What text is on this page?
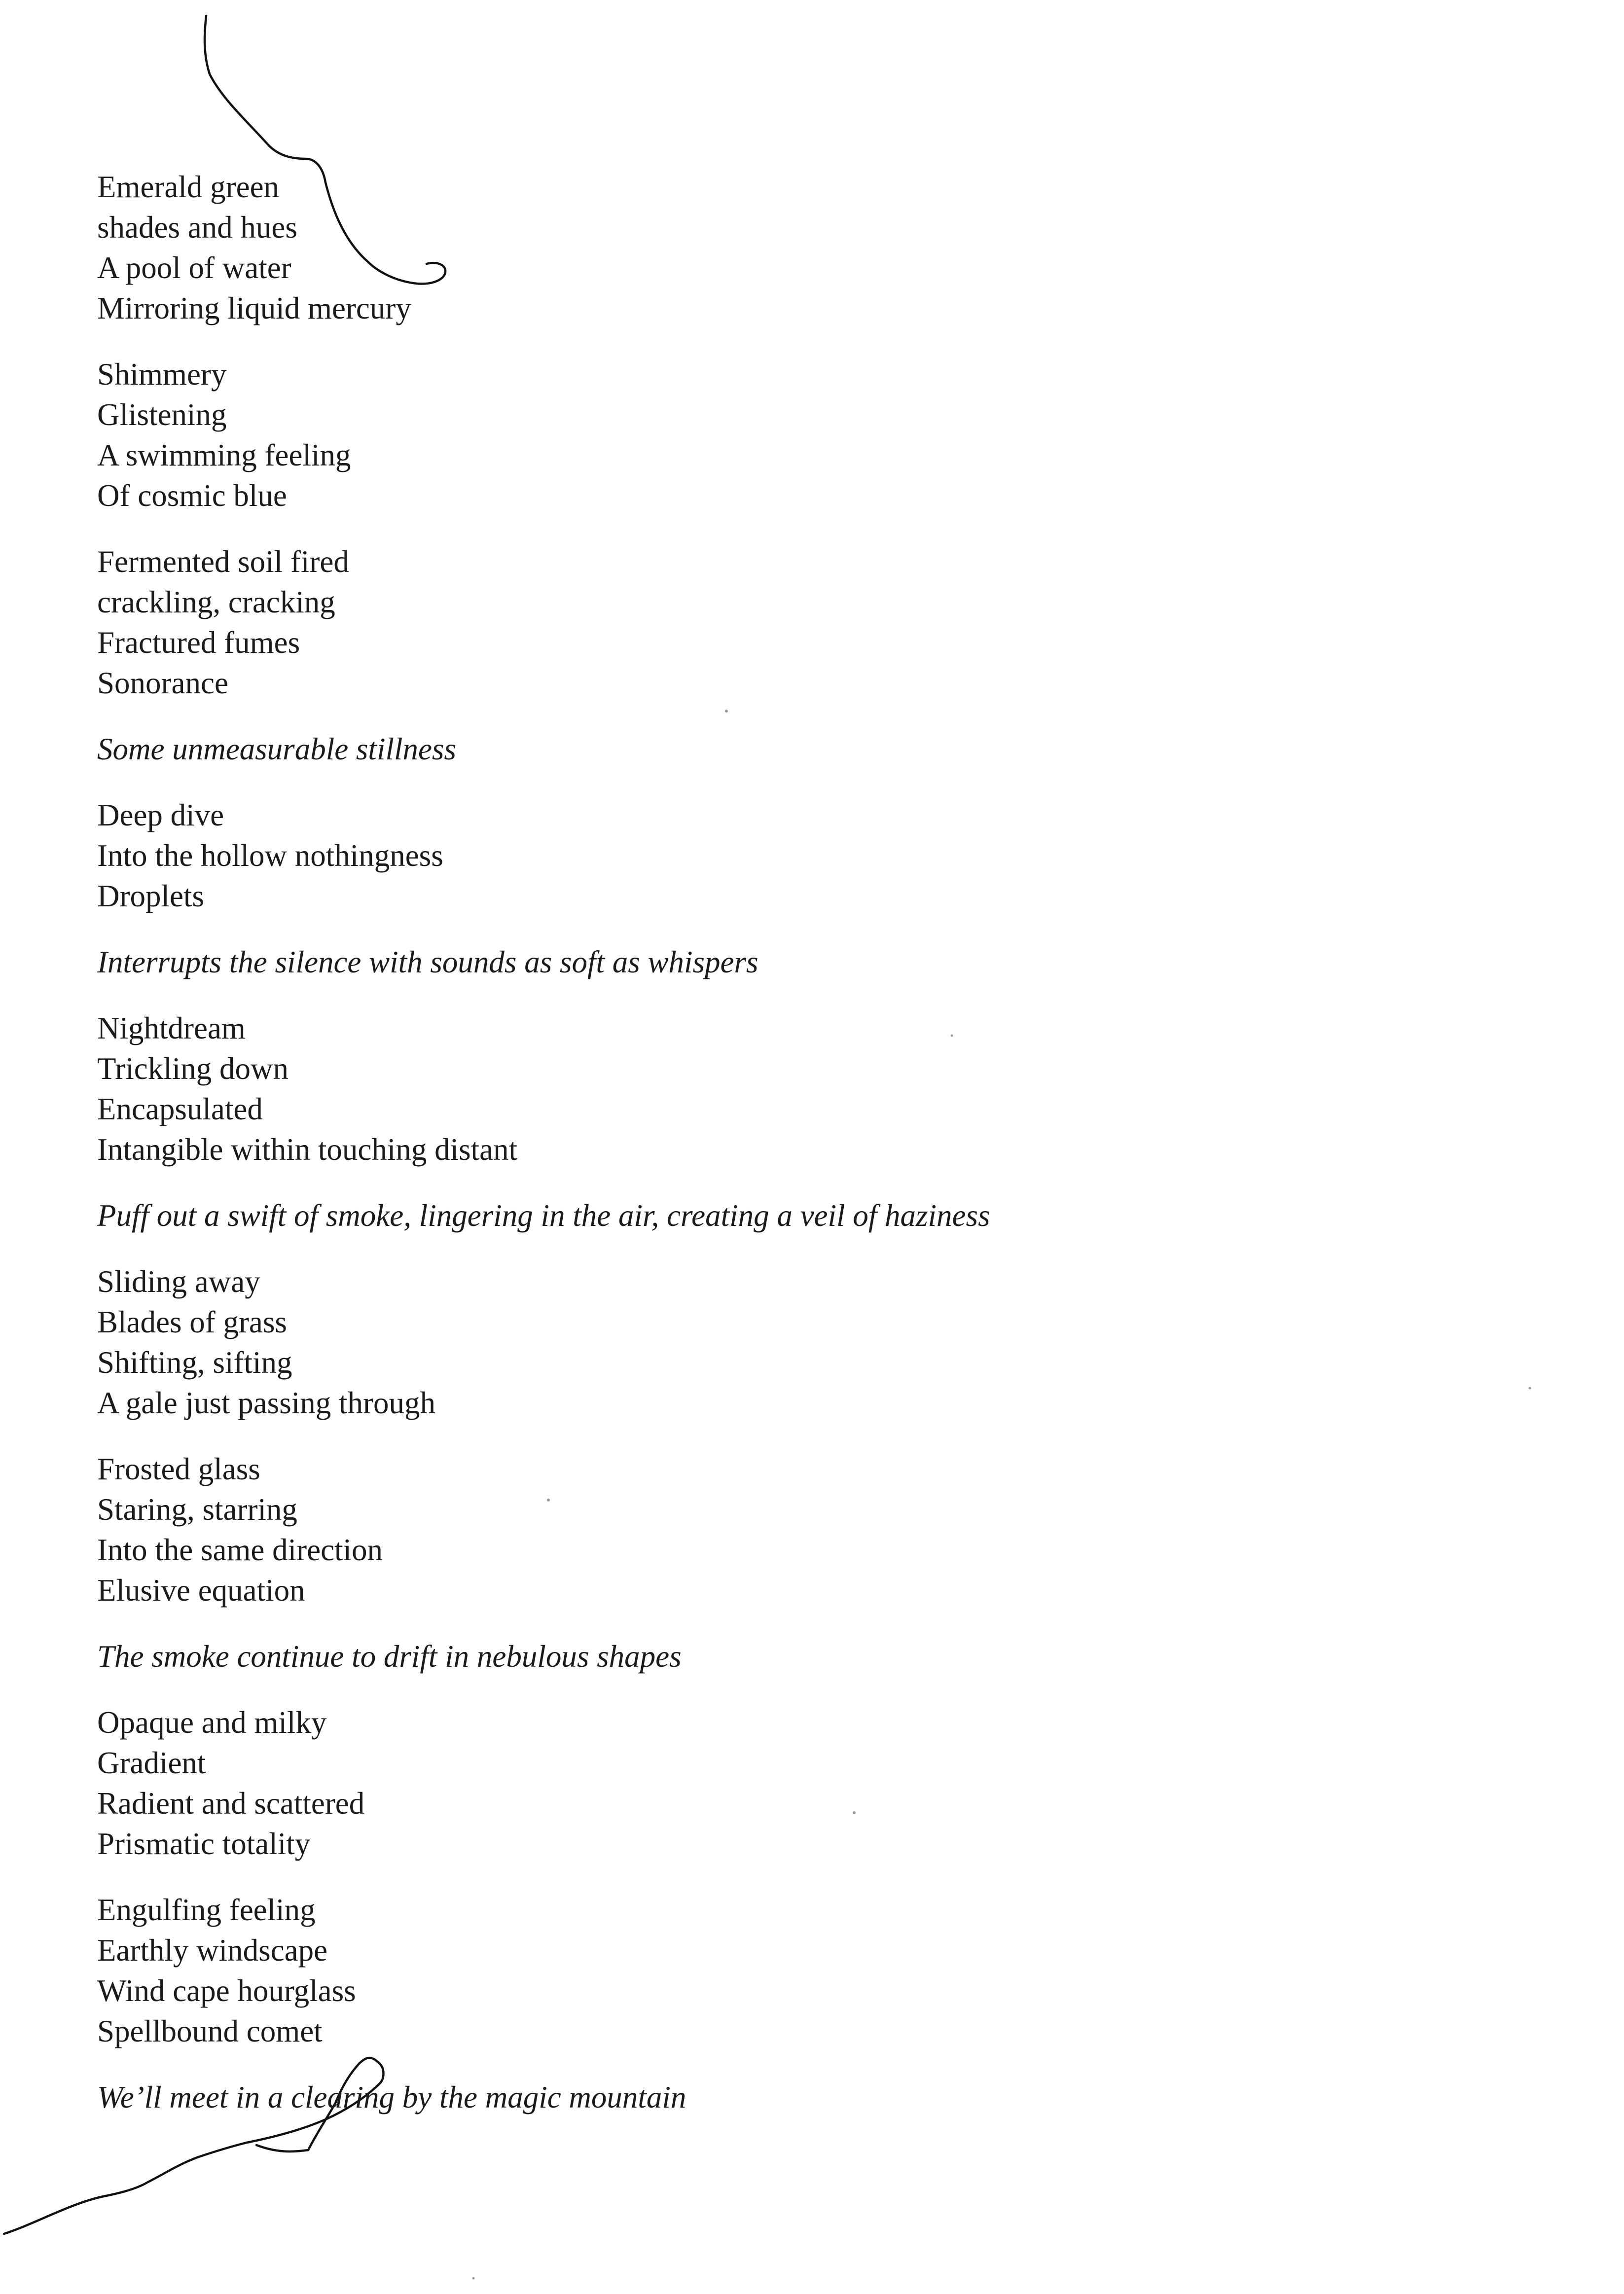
Emerald green
shades and hues
A pool of water
Mirroring liquid mercury
Shimmery
Glistening
A swimming feeling
Of cosmic blue
Fermented soil fired
crackling, cracking
Fractured fumes
Sonorance
Some unmeasurable stillness
Deep dive
Into the hollow nothingness
Droplets
Interrupts the silence with sounds as soft as whispers
Nightdream
Trickling down
Encapsulated
Intangible within touching distant
Puff out a swift of smoke, lingering in the air, creating a veil of haziness
Sliding away
Blades of grass
Shifting, sifting
A gale just passing through
Frosted glass
Staring, starring
Into the same direction
Elusive equation
The smoke continue to drift in nebulous shapes
Opaque and milky
Gradient
Radient and scattered
Prismatic totality
Engulfing feeling
Earthly windscape
Wind cape hourglass
Spellbound comet
We’ll meet in a clearing by the magic mountain
